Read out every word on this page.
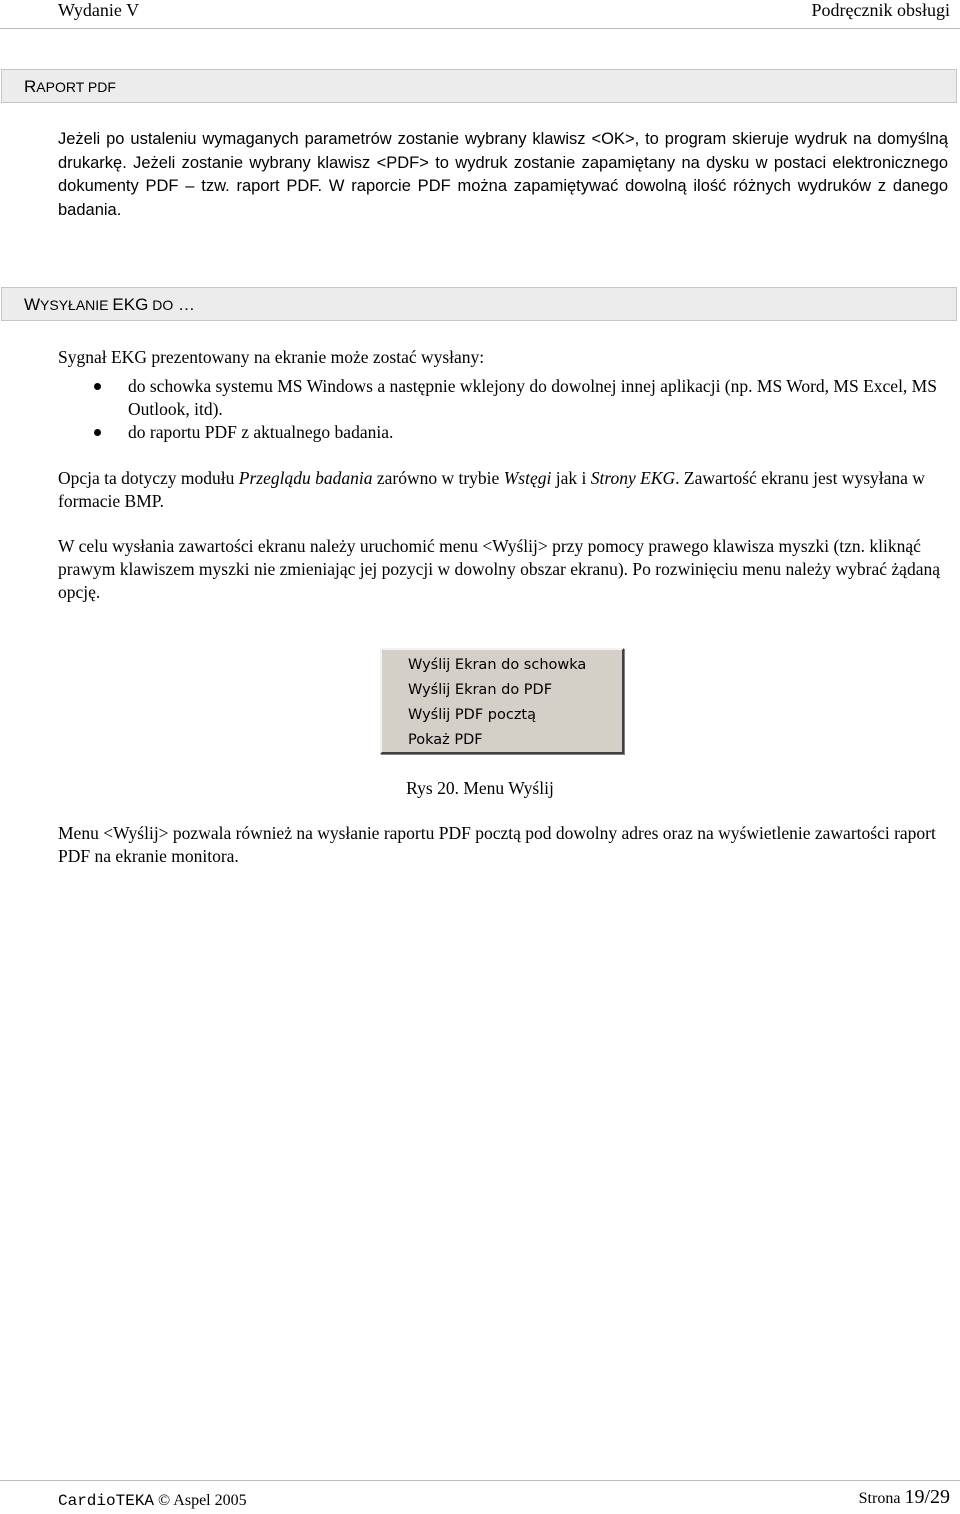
Wydanie V	Podręcznik obsługi
RAPORT PDF
Jeżeli po ustaleniu wymaganych parametrów zostanie wybrany klawisz <OK>, to program skieruje wydruk na domyślną drukarkę. Jeżeli zostanie wybrany klawisz <PDF> to wydruk zostanie zapamiętany na dysku w postaci elektronicznego dokumenty PDF – tzw. raport PDF. W raporcie PDF można zapamiętywać dowolną ilość różnych wydruków z danego badania.
WYSYŁANIE EKG DO …
Sygnał EKG prezentowany na ekranie może zostać wysłany:
do schowka systemu MS Windows a następnie wklejony do dowolnej innej aplikacji (np. MS Word, MS Excel, MS Outlook, itd).
do raportu PDF z aktualnego badania.
Opcja ta dotyczy modułu Przeglądu badania zarówno w trybie Wstęgi jak i Strony EKG. Zawartość ekranu jest wysyłana w formacie BMP.
W celu wysłania zawartości ekranu należy uruchomić menu <Wyślij> przy pomocy prawego klawisza myszki (tzn. kliknąć prawym klawiszem myszki nie zmieniając jej pozycji w dowolny obszar ekranu). Po rozwinięciu menu należy wybrać żądaną opcję.
Wyślij Ekran do schowka
Wyślij Ekran do PDF
Wyślij PDF pocztą
Pokaż PDF
Rys 20. Menu Wyślij
Menu <Wyślij> pozwala również na wysłanie raportu PDF pocztą pod dowolny adres oraz na wyświetlenie zawartości raport PDF na ekranie monitora.
CardioTEKA © Aspel 2005	Strona 19/29
